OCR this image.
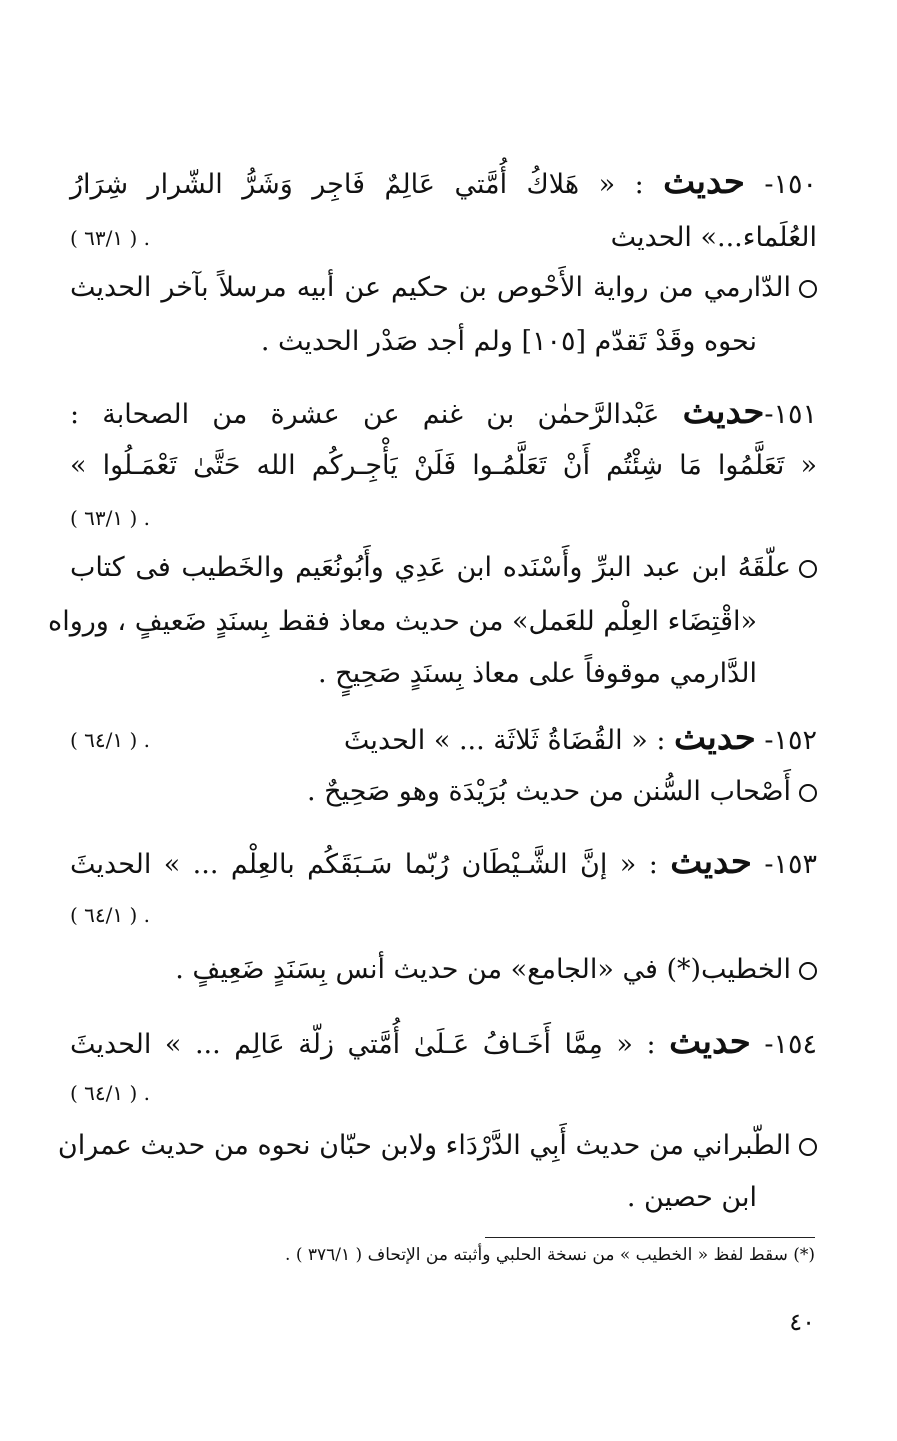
١٥٠- حديث : « هَلاكُ أُمَّتي عَالِمٌ فَاجِر وَشَرُّ الشّرار شِرَارُ
العُلَماء...» الحديث
( ٦٣/١ ) .
الدّارمي من رواية الأَحْوص بن حكيم عن أبيه مرسلاً بآخر الحديث
نحوه وقَدْ تَقدّم [١٠٥] ولم أجد صَدْر الحديث .
١٥١-حديث عَبْدالرَّحمٰن بن غنم عن عشرة من الصحابة :
« تَعَلَّمُوا مَا شِئْتُم أَنْ تَعَلَّمُـوا فَلَنْ يَأْجِـركُم الله حَتَّىٰ تَعْمَـلُوا »
( ٦٣/١ ) .
علّقَهُ ابن عبد البرِّ وأَسْنَده ابن عَدِي وأَبُونُعَيم والخَطيب فى كتاب
«اقْتِضَاء العِلْم للعَمل» من حديث معاذ فقط بِسنَدٍ ضَعيفٍ ، ورواه
الدَّارمي موقوفاً على معاذ بِسنَدٍ صَحِيحٍ .
١٥٢- حديث : « القُضَاةُ ثَلاثَة ... » الحديثَ
( ٦٤/١ ) .
أَصْحاب السُّنن من حديث بُرَيْدَة وهو صَحِيحٌ .
١٥٣- حديث : « إنَّ الشَّـيْطَان رُبّما سَـبَقَكُم بالعِلْم ... » الحديثَ
( ٦٤/١ ) .
الخطيب(*) في «الجامع» من حديث أنس بِسَنَدٍ ضَعِيفٍ .
١٥٤- حديث : « مِمَّا أَخَـافُ عَـلَىٰ أُمَّتي زلّة عَالِم ... » الحديثَ
( ٦٤/١ ) .
الطّبراني من حديث أَبِي الدَّرْدَاء ولابن حبّان نحوه من حديث عمران
ابن حصين .
(*) سقط لفظ « الخطيب » من نسخة الحلبي وأثبته من الإتحاف ( ٣٧٦/١ ) .
٤٠
